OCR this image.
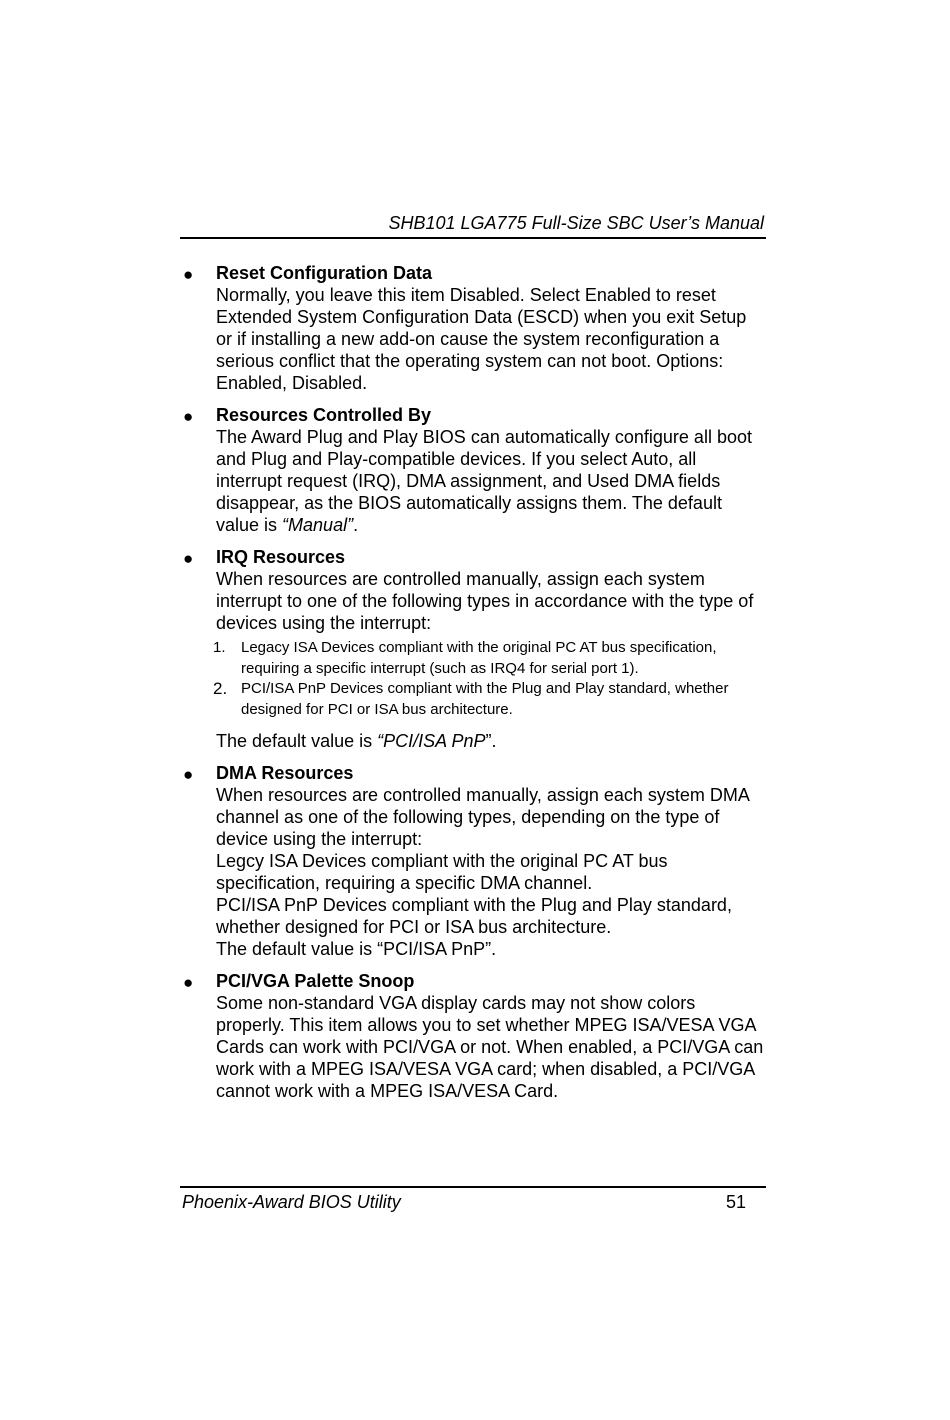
SHB101 LGA775 Full-Size SBC User’s Manual
● Reset Configuration Data

Normally, you leave this item Disabled. Select Enabled to reset Extended System Configuration Data (ESCD) when you exit Setup or if installing a new add-on cause the system reconfiguration a serious conflict that the operating system can not boot. Options: Enabled, Disabled.

● Resources Controlled By

The Award Plug and Play BIOS can automatically configure all boot and Plug and Play-compatible devices. If you select Auto, all interrupt request (IRQ), DMA assignment, and Used DMA fields disappear, as the BIOS automatically assigns them. The default value is “Manual”.

● IRQ Resources

When resources are controlled manually, assign each system interrupt to one of the following types in accordance with the type of devices using the interrupt:

1. Legacy ISA Devices compliant with the original PC AT bus specification, requiring a specific interrupt (such as IRQ4 for serial port 1).
2. PCI/ISA PnP Devices compliant with the Plug and Play standard, whether designed for PCI or ISA bus architecture.

The default value is “PCI/ISA PnP”.

● DMA Resources

When resources are controlled manually, assign each system DMA channel as one of the following types, depending on the type of device using the interrupt:

Legcy ISA Devices compliant with the original PC AT bus specification, requiring a specific DMA channel.

PCI/ISA PnP Devices compliant with the Plug and Play standard, whether designed for PCI or ISA bus architecture.

The default value is “PCI/ISA PnP”.

● PCI/VGA Palette Snoop

Some non-standard VGA display cards may not show colors properly. This item allows you to set whether MPEG ISA/VESA VGA Cards can work with PCI/VGA or not. When enabled, a PCI/VGA can work with a MPEG ISA/VESA VGA card; when disabled, a PCI/VGA cannot work with a MPEG ISA/VESA Card.

Phoenix-Award BIOS Utility	51
